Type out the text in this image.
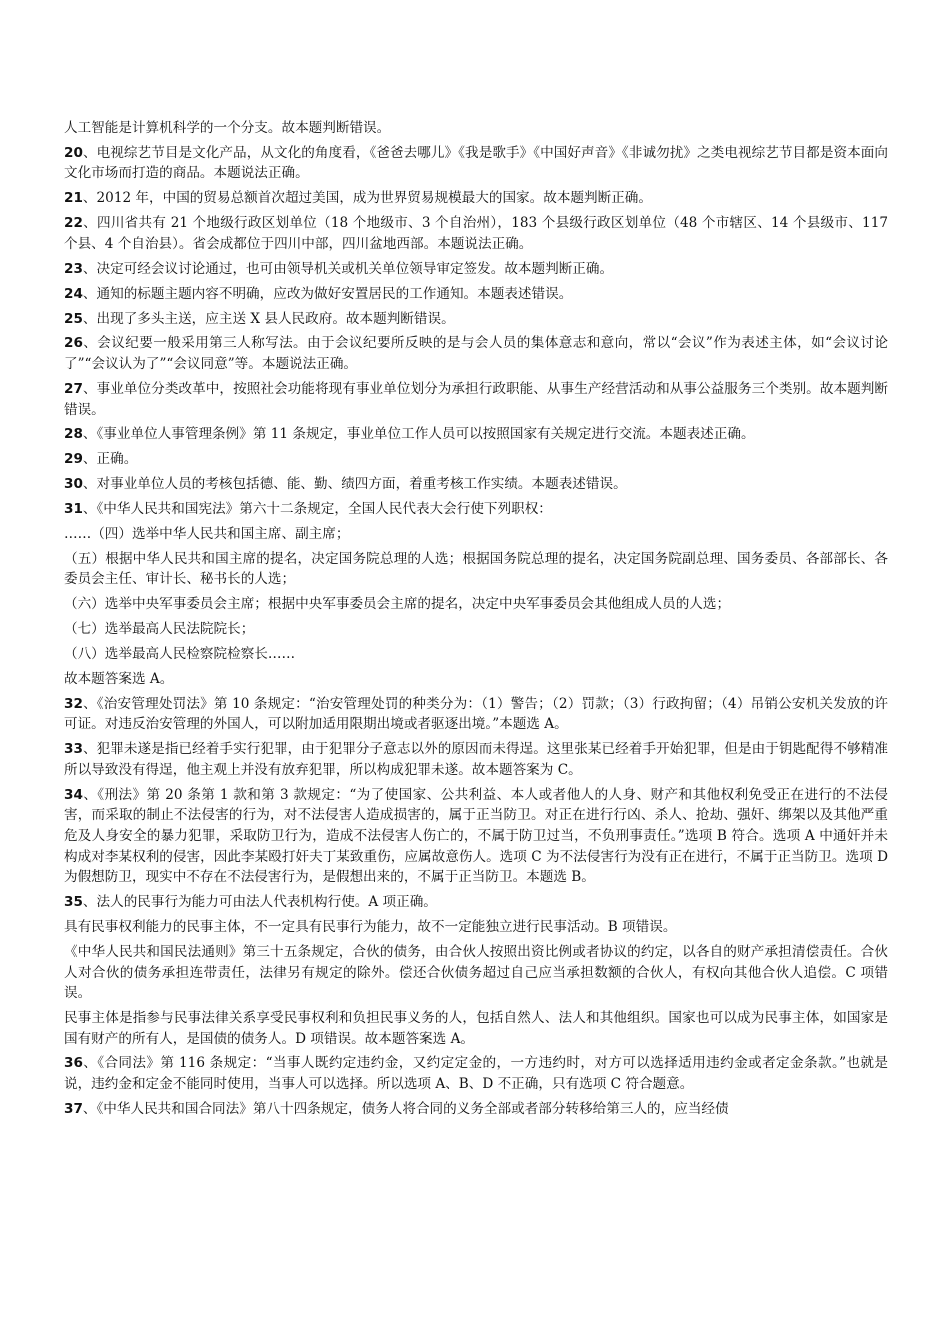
人工智能是计算机科学的一个分支。故本题判断错误。

20、电视综艺节目是文化产品，从文化的角度看，《爸爸去哪儿》《我是歌手》《中国好声音》《非诚勿扰》之类电视综艺节目都是资本面向文化市场而打造的商品。本题说法正确。

21、2012 年，中国的贸易总额首次超过美国，成为世界贸易规模最大的国家。故本题判断正确。

22、四川省共有 21 个地级行政区划单位（18 个地级市、3 个自治州），183 个县级行政区划单位（48 个市辖区、14 个县级市、117 个县、4 个自治县）。省会成都位于四川中部，四川盆地西部。本题说法正确。

23、决定可经会议讨论通过，也可由领导机关或机关单位领导审定签发。故本题判断正确。

24、通知的标题主题内容不明确，应改为做好安置居民的工作通知。本题表述错误。

25、出现了多头主送，应主送 X 县人民政府。故本题判断错误。

26、会议纪要一般采用第三人称写法。由于会议纪要所反映的是与会人员的集体意志和意向，常以“会议”作为表述主体，如“会议讨论了”“会议认为了”“会议同意”等。本题说法正确。

27、事业单位分类改革中，按照社会功能将现有事业单位划分为承担行政职能、从事生产经营活动和从事公益服务三个类别。故本题判断错误。

28、《事业单位人事管理条例》第 11 条规定，事业单位工作人员可以按照国家有关规定进行交流。本题表述正确。

29、正确。

30、对事业单位人员的考核包括德、能、勤、绩四方面，着重考核工作实绩。本题表述错误。

31、《中华人民共和国宪法》第六十二条规定，全国人民代表大会行使下列职权：

……（四）选举中华人民共和国主席、副主席；

（五）根据中华人民共和国主席的提名，决定国务院总理的人选；根据国务院总理的提名，决定国务院副总理、国务委员、各部部长、各委员会主任、审计长、秘书长的人选；

（六）选举中央军事委员会主席；根据中央军事委员会主席的提名，决定中央军事委员会其他组成人员的人选；

（七）选举最高人民法院院长；

（八）选举最高人民检察院检察长……

故本题答案选 A。

32、《治安管理处罚法》第 10 条规定：“治安管理处罚的种类分为：（1）警告；（2）罚款；（3）行政拘留；（4）吊销公安机关发放的许可证。对违反治安管理的外国人，可以附加适用限期出境或者驱逐出境。”本题选 A。

33、犯罪未遂是指已经着手实行犯罪，由于犯罪分子意志以外的原因而未得逞。这里张某已经着手开始犯罪，但是由于钥匙配得不够精准所以导致没有得逞，他主观上并没有放弃犯罪，所以构成犯罪未遂。故本题答案为 C。

34、《刑法》第 20 条第 1 款和第 3 款规定：“为了使国家、公共利益、本人或者他人的人身、财产和其他权利免受正在进行的不法侵害，而采取的制止不法侵害的行为，对不法侵害人造成损害的，属于正当防卫。对正在进行行凶、杀人、抢劫、强奸、绑架以及其他严重危及人身安全的暴力犯罪，采取防卫行为，造成不法侵害人伤亡的，不属于防卫过当，不负刑事责任。”选项 B 符合。选项 A 中通奸并未构成对李某权利的侵害，因此李某殴打奸夫丁某致重伤，应属故意伤人。选项 C 为不法侵害行为没有正在进行，不属于正当防卫。选项 D 为假想防卫，现实中不存在不法侵害行为，是假想出来的，不属于正当防卫。本题选 B。

35、法人的民事行为能力可由法人代表机构行使。A 项正确。

具有民事权利能力的民事主体，不一定具有民事行为能力，故不一定能独立进行民事活动。B 项错误。

《中华人民共和国民法通则》第三十五条规定，合伙的债务，由合伙人按照出资比例或者协议的约定，以各自的财产承担清偿责任。合伙人对合伙的债务承担连带责任，法律另有规定的除外。偿还合伙债务超过自己应当承担数额的合伙人，有权向其他合伙人追偿。C 项错误。

民事主体是指参与民事法律关系享受民事权利和负担民事义务的人，包括自然人、法人和其他组织。国家也可以成为民事主体，如国家是国有财产的所有人，是国债的债务人。D 项错误。故本题答案选 A。

36、《合同法》第 116 条规定：“当事人既约定违约金，又约定定金的，一方违约时，对方可以选择适用违约金或者定金条款。”也就是说，违约金和定金不能同时使用，当事人可以选择。所以选项 A、B、D 不正确，只有选项 C 符合题意。

37、《中华人民共和国合同法》第八十四条规定，债务人将合同的义务全部或者部分转移给第三人的，应当经债
